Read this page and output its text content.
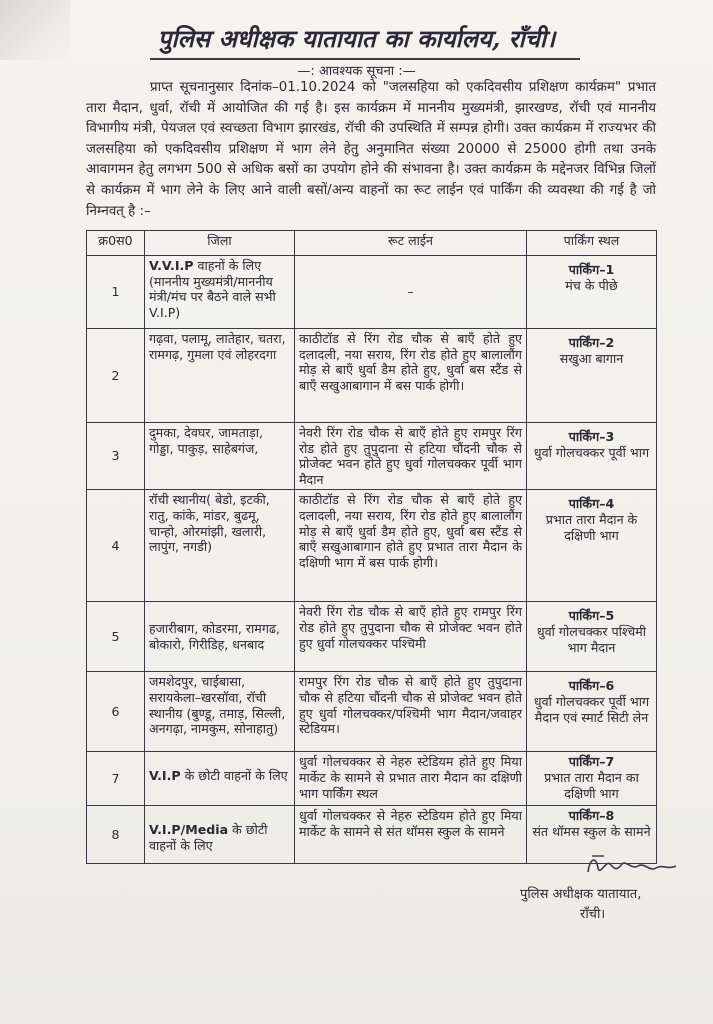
पुलिस अधीक्षक यातायात का कार्यालय, राँची।
—: आवश्यक सूचना :—
प्राप्त सूचनानुसार दिनांक–01.10.2024 को "जलसहिया को एकदिवसीय प्रशिक्षण कार्यक्रम" प्रभात तारा मैदान, धुर्वा, रॉची में आयोजित की गई है। इस कार्यक्रम में माननीय मुख्यमंत्री, झारखण्ड, रॉची एवं माननीय विभागीय मंत्री, पेयजल एवं स्वच्छता विभाग झारखंड, रॉची की उपस्थिति में सम्पन्न होगी। उक्त कार्यक्रम में राज्यभर की जलसहिया को एकदिवसीय प्रशिक्षण में भाग लेने हेतु अनुमानित संख्या 20000 से 25000 होगी तथा उनके आवागमन हेतु लगभग 500 से अधिक बसों का उपयोग होने की संभावना है। उक्त कार्यक्रम के मद्देनजर विभिन्न जिलों से कार्यक्रम में भाग लेने के लिए आने वाली बसों/अन्य वाहनों का रूट लाईन एवं पार्किंग की व्यवस्था की गई है जो निम्नवत् है :–
क्र0स0	जिला	रूट लाईन	पार्किंग स्थल
1	V.V.I.P वाहनों के लिए (माननीय मुख्यमंत्री/माननीय मंत्री/मंच पर बैठने वाले सभी V.I.P)	–	पार्किंग–1
मंच के पीछे
2	गढ़वा, पलामू, लातेहार, चतरा, रामगढ़, गुमला एवं लोहरदगा	काठीटॉड से रिंग रोड चौक से बाएँ होते हुए दलादली, नया सराय, रिंग रोड होते हुए बालालौंग मोड़ से बाएँ धुर्वा डैम होते हुए, धुर्वा बस स्टैंड से बाएँ सखुआबागान में बस पार्क होगी।	पार्किंग–2
सखुआ बागान
3	दुमका, देवघर, जामताड़ा, गोड्डा, पाकुड़, साहेबगंज,	नेवरी रिंग रोड चौक से बाएँ होते हुए रामपुर रिंग रोड होते हुए तुपुदाना से हटिया चौंदनी चौक से प्रोजेक्ट भवन होते हुए धुर्वा गोलचक्कर पूर्वी भाग मैदान	पार्किंग–3
धुर्वा गोलचक्कर पूर्वी भाग
4	रॉची स्थानीय( बेडो, इटकी, रातु, कांके, मांडर, बुढमू, चान्हो, ओरमांझी, खलारी, लापुंग, नगडी)	काठीटॉड से रिंग रोड चौक से बाएँ होते हुए दलादली, नया सराय, रिंग रोड होते हुए बालालौंग मोड़ से बाएँ धुर्वा डैम होते हुए, धुर्वा बस स्टैंड से बाएँ सखुआबागान होते हुए प्रभात तारा मैदान के दक्षिणी भाग में बस पार्क होगी।	पार्किंग–4
प्रभात तारा मैदान के दक्षिणी भाग
5	हजारीबाग, कोडरमा, रामगढ, बोकारो, गिरीडिह, धनबाद	नेवरी रिंग रोड चौक से बाएँ होते हुए रामपुर रिंग रोड होते हुए तुपुदाना चौक से प्रोजेक्ट भवन होते हुए धुर्वा गोलचक्कर पश्चिमी	पार्किंग–5
धुर्वा गोलचक्कर पश्चिमी भाग मैदान
6	जमशेदपुर, चाईबासा, सरायकेला–खरसॉवा, रॉची स्थानीय (बुण्डू, तमाड़, सिल्ली, अनगढ़ा, नामकुम, सोनाहातु)	रामपुर रिंग रोड चौक से बाएँ होते हुए तुपुदाना चौक से हटिया चौंदनी चौक से प्रोजेक्ट भवन होते हुए धुर्वा गोलचक्कर/पश्चिमी भाग मैदान/जवाहर स्टेडियम।	पार्किंग–6
धुर्वा गोलचक्कर पूर्वी भाग मैदान एवं स्मार्ट सिटी लेन
7	V.I.P के छोटी वाहनों के लिए	धुर्वा गोलचक्कर से नेहरु स्टेडियम होते हुए मिया मार्केट के सामने से प्रभात तारा मैदान का दक्षिणी भाग पार्किंग स्थल	पार्किंग–7
प्रभात तारा मैदान का दक्षिणी भाग
8	V.I.P/Media के छोटी वाहनों के लिए	धुर्वा गोलचक्कर से नेहरु स्टेडियम होते हुए मिया मार्केट के सामने से संत थॉमस स्कुल के सामने	पार्किंग–8
संत थॉमस स्कुल के सामने
पुलिस अधीक्षक यातायात,
राँची।
